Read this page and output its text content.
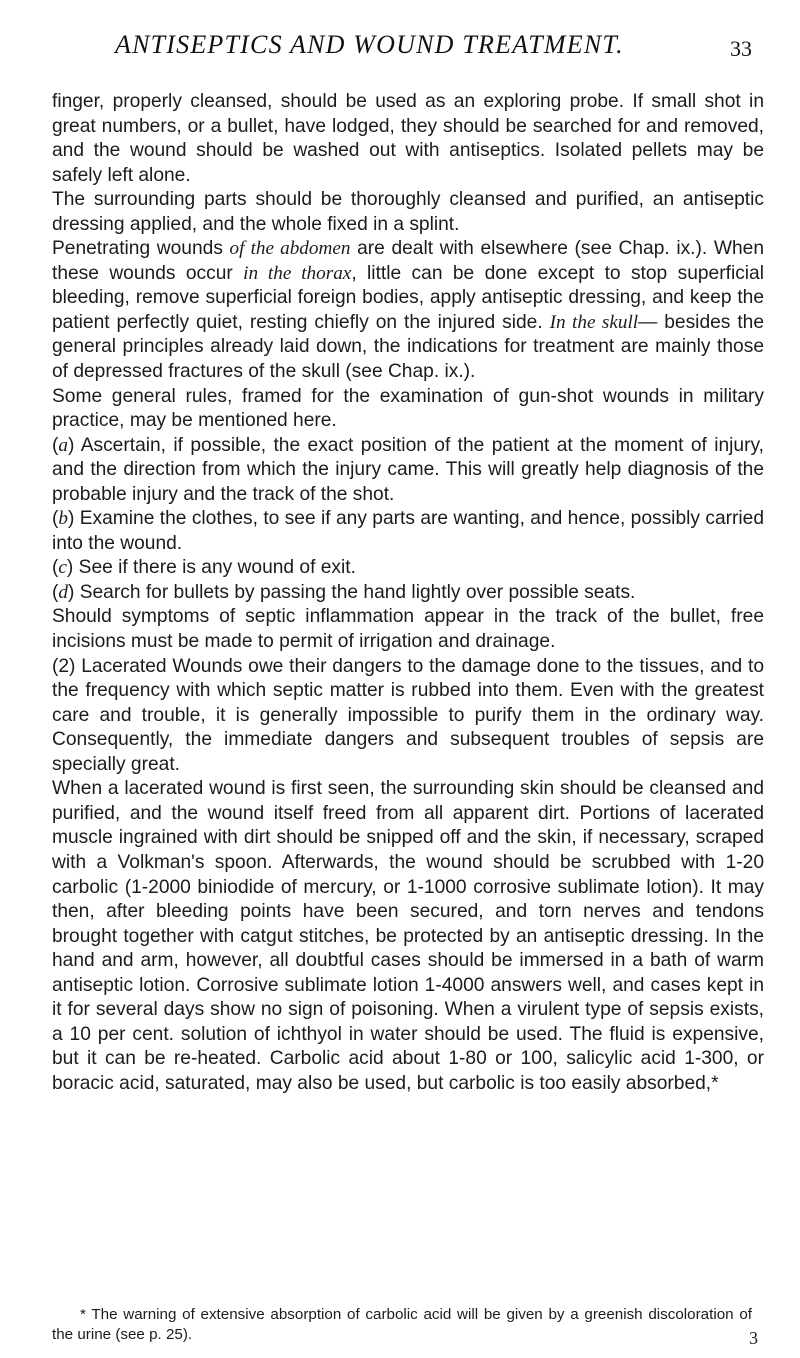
ANTISEPTICS AND WOUND TREATMENT.	33

finger, properly cleansed, should be used as an exploring probe. If small shot in great numbers, or a bullet, have lodged, they should be searched for and removed, and the wound should be washed out with antiseptics. Isolated pellets may be safely left alone.

The surrounding parts should be thoroughly cleansed and purified, an antiseptic dressing applied, and the whole fixed in a splint.

Penetrating wounds of the abdomen are dealt with elsewhere (see Chap. ix.). When these wounds occur in the thorax, little can be done except to stop superficial bleeding, remove superficial foreign bodies, apply antiseptic dressing, and keep the patient perfectly quiet, resting chiefly on the injured side. In the skull— besides the general principles already laid down, the indications for treatment are mainly those of depressed fractures of the skull (see Chap. ix.).

Some general rules, framed for the examination of gun-shot wounds in military practice, may be mentioned here.

(a) Ascertain, if possible, the exact position of the patient at the moment of injury, and the direction from which the injury came. This will greatly help diagnosis of the probable injury and the track of the shot.

(b) Examine the clothes, to see if any parts are wanting, and hence, possibly carried into the wound.

(c) See if there is any wound of exit.

(d) Search for bullets by passing the hand lightly over possible seats.

Should symptoms of septic inflammation appear in the track of the bullet, free incisions must be made to permit of irrigation and drainage.

(2) Lacerated Wounds owe their dangers to the damage done to the tissues, and to the frequency with which septic matter is rubbed into them. Even with the greatest care and trouble, it is generally impossible to purify them in the ordinary way. Consequently, the immediate dangers and subsequent troubles of sepsis are specially great.

When a lacerated wound is first seen, the surrounding skin should be cleansed and purified, and the wound itself freed from all apparent dirt. Portions of lacerated muscle ingrained with dirt should be snipped off and the skin, if necessary, scraped with a Volkman's spoon. Afterwards, the wound should be scrubbed with 1-20 carbolic (1-2000 biniodide of mercury, or 1-1000 corrosive sublimate lotion). It may then, after bleeding points have been secured, and torn nerves and tendons brought together with catgut stitches, be protected by an antiseptic dressing. In the hand and arm, however, all doubtful cases should be immersed in a bath of warm antiseptic lotion. Corrosive sublimate lotion 1-4000 answers well, and cases kept in it for several days show no sign of poisoning. When a virulent type of sepsis exists, a 10 per cent. solution of ichthyol in water should be used. The fluid is expensive, but it can be re-heated. Carbolic acid about 1-80 or 100, salicylic acid 1-300, or boracic acid, saturated, may also be used, but carbolic is too easily absorbed,*

* The warning of extensive absorption of carbolic acid will be given by a greenish discoloration of the urine (see p. 25).	3
